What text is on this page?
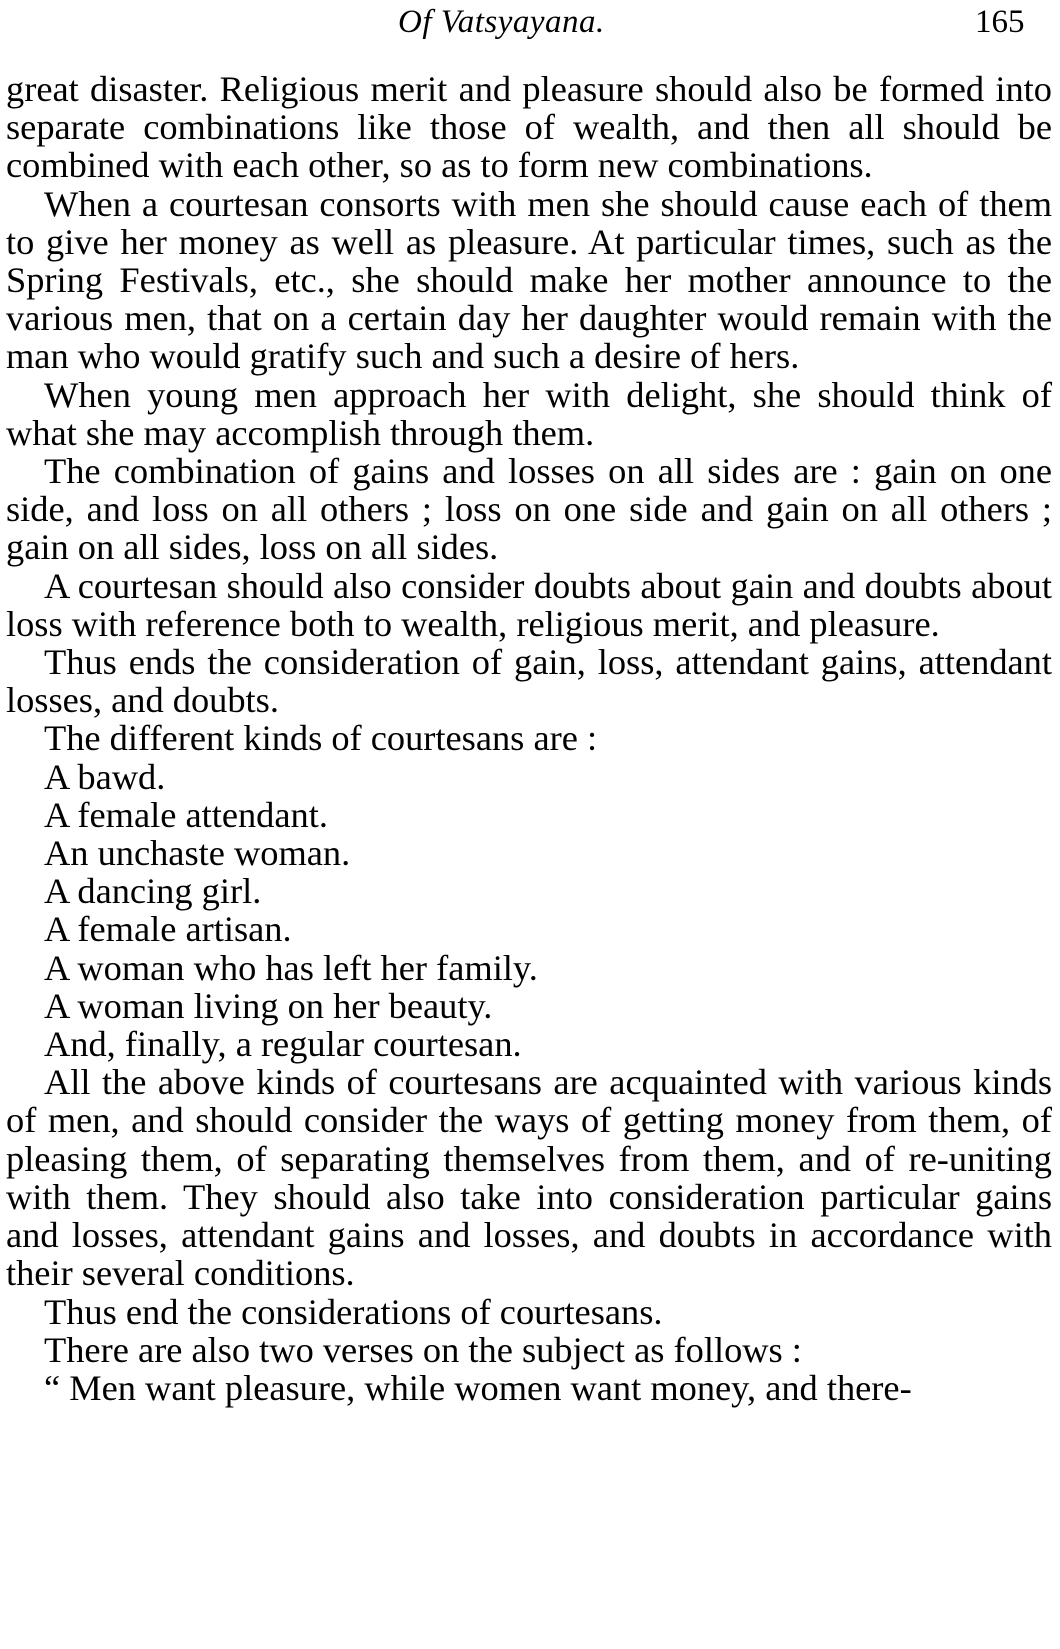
Of Vatsyayana.	165

great disaster. Religious merit and pleasure should also be formed into separate combinations like those of wealth, and then all should be combined with each other, so as to form new combinations.

When a courtesan consorts with men she should cause each of them to give her money as well as pleasure. At particular times, such as the Spring Festivals, etc., she should make her mother announce to the various men, that on a certain day her daughter would remain with the man who would gratify such and such a desire of hers.

When young men approach her with delight, she should think of what she may accomplish through them.

The combination of gains and losses on all sides are : gain on one side, and loss on all others ; loss on one side and gain on all others ; gain on all sides, loss on all sides.

A courtesan should also consider doubts about gain and doubts about loss with reference both to wealth, religious merit, and pleasure.

Thus ends the consideration of gain, loss, attendant gains, attendant losses, and doubts.

The different kinds of courtesans are :

A bawd.
A female attendant.
An unchaste woman.
A dancing girl.
A female artisan.
A woman who has left her family.
A woman living on her beauty.
And, finally, a regular courtesan.

All the above kinds of courtesans are acquainted with various kinds of men, and should consider the ways of getting money from them, of pleasing them, of separating themselves from them, and of re-uniting with them. They should also take into consideration particular gains and losses, attendant gains and losses, and doubts in accordance with their several conditions.

Thus end the considerations of courtesans.

There are also two verses on the subject as follows :

“ Men want pleasure, while women want money, and there-
